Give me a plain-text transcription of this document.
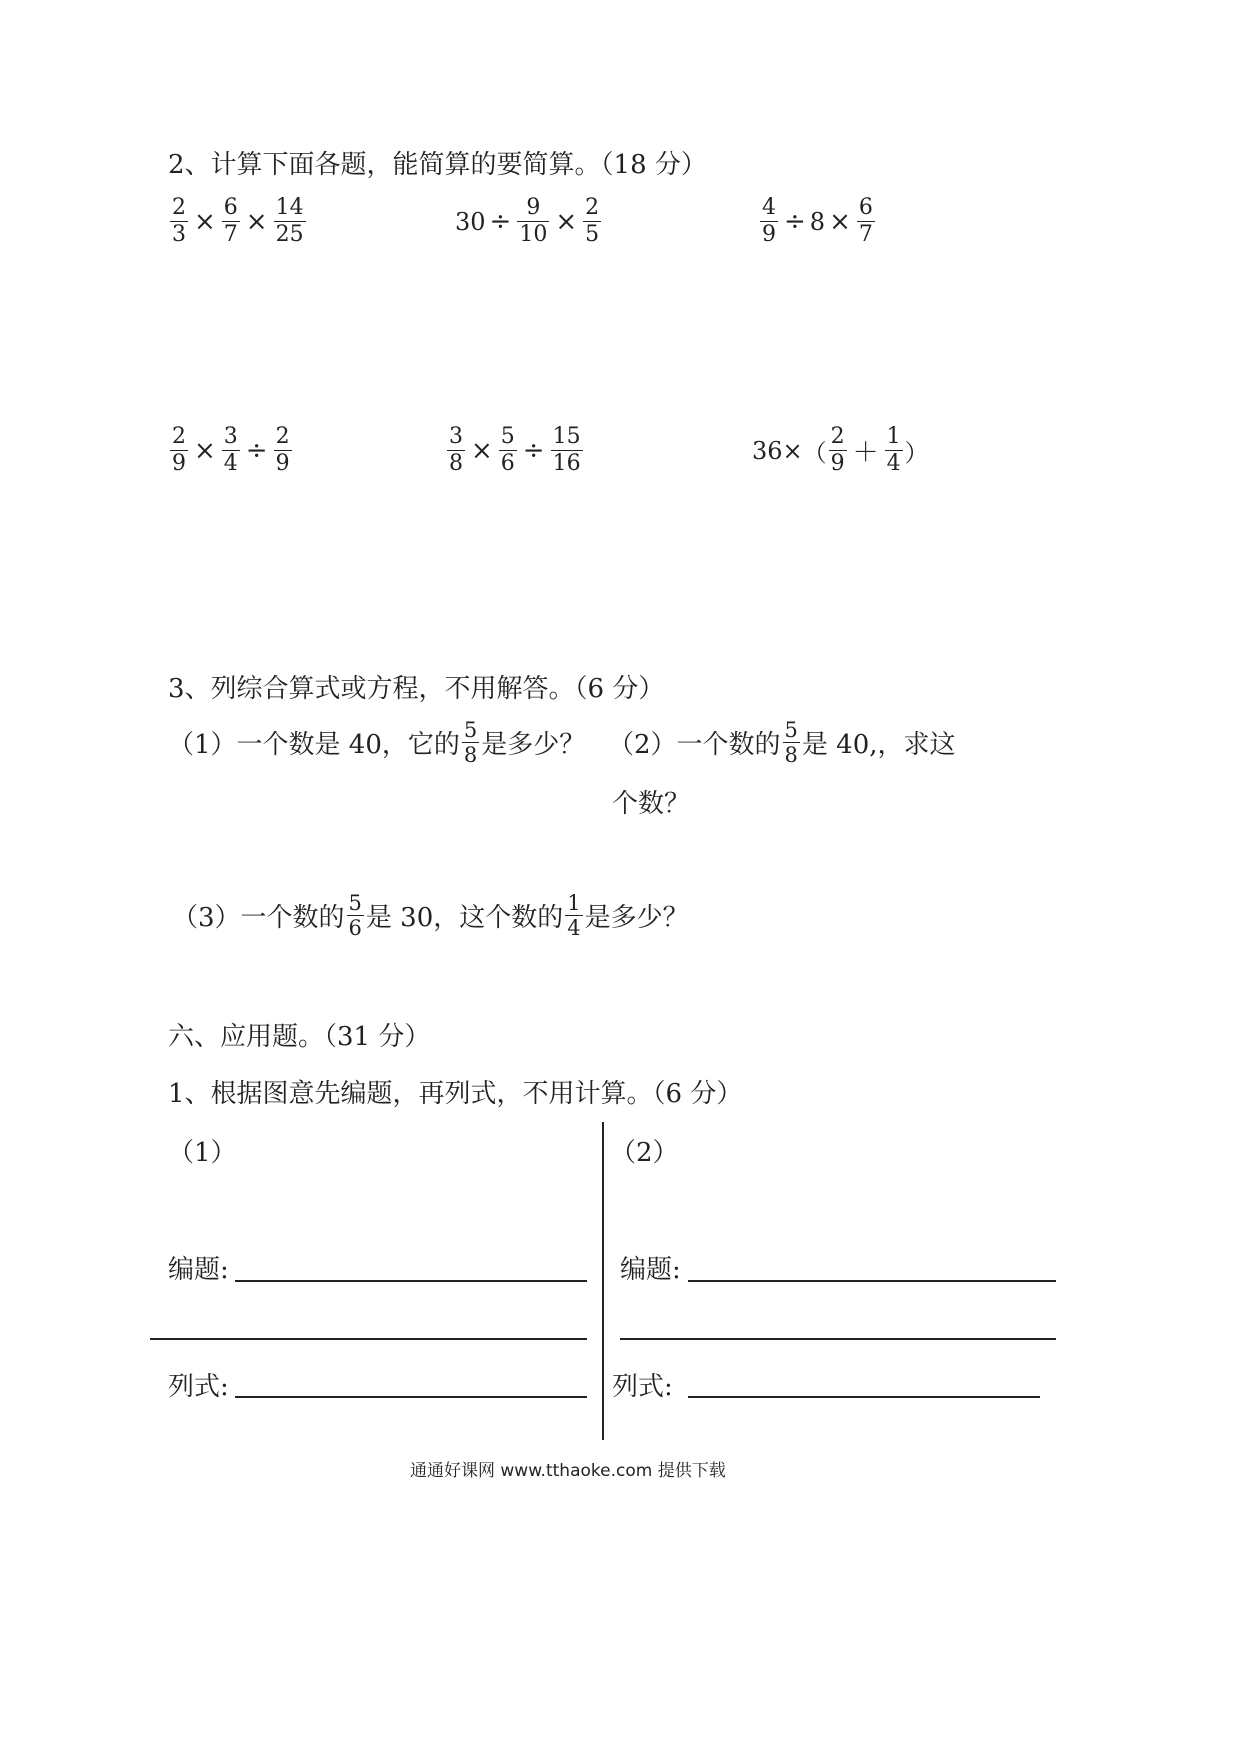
2、计算下面各题，能简算的要简算。（18 分）
$\frac{2}{3} \times \frac{6}{7} \times \frac{14}{25}$	$30 \div \frac{9}{10} \times \frac{2}{5}$	$\frac{4}{9} \div 8 \times \frac{6}{7}$
$\frac{2}{9} \times \frac{3}{4} \div \frac{2}{9}$	$\frac{3}{8} \times \frac{5}{6} \div \frac{15}{16}$	36× （ $\frac{2}{9} + \frac{1}{4}$ ）
3、列综合算式或方程，不用解答。（6 分）
（1）一个数是 40，它的 $\frac{5}{8}$ 是多少？ （2）一个数的 $\frac{5}{8}$ 是 40,，求这
个数？
（3）一个数的 $\frac{5}{6}$ 是 30，这个数的 $\frac{1}{4}$ 是多少？
六、应用题。（31 分）
1、根据图意先编题，再列式，不用计算。（6 分）
（1）	（2）
编题:
列式:
编题:
列式:
通通好课网 www.tthaoke.com 提供下载
